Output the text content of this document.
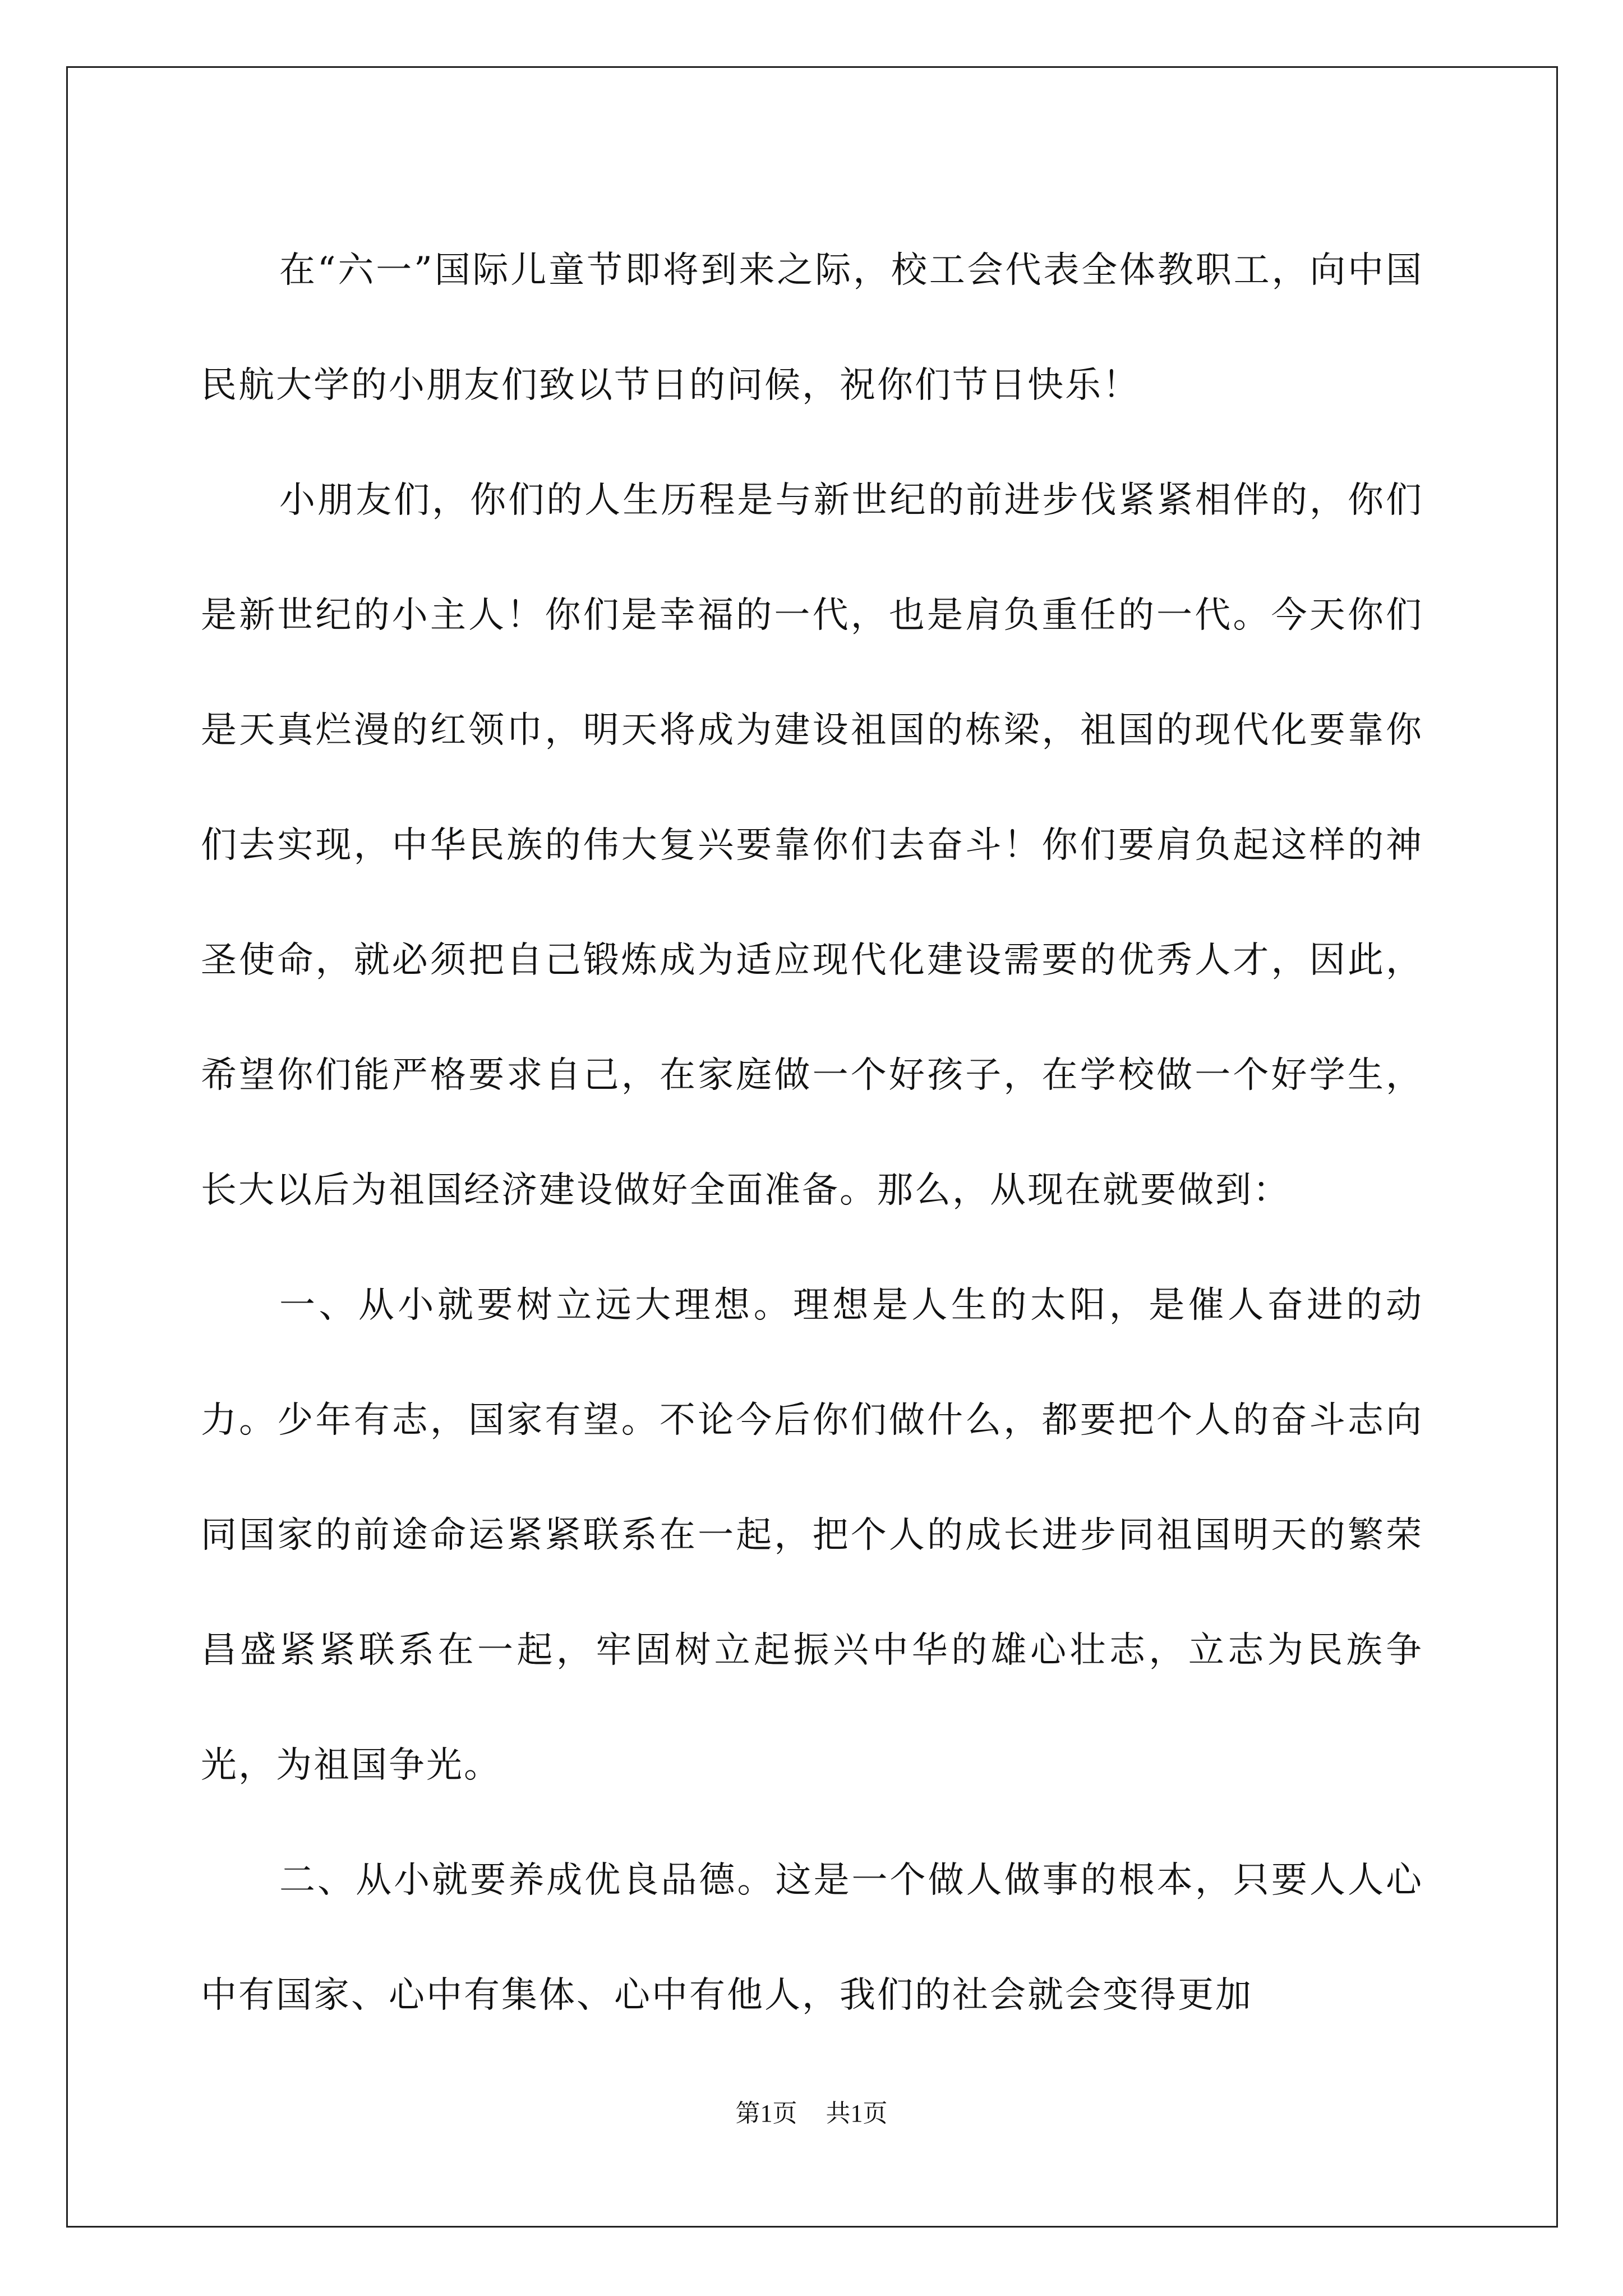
在“六一”国际儿童节即将到来之际，校工会代表全体教职工，向中国民航大学的小朋友们致以节日的问候，祝你们节日快乐！

小朋友们，你们的人生历程是与新世纪的前进步伐紧紧相伴的，你们是新世纪的小主人！你们是幸福的一代，也是肩负重任的一代。今天你们是天真烂漫的红领巾，明天将成为建设祖国的栋梁，祖国的现代化要靠你们去实现，中华民族的伟大复兴要靠你们去奋斗！你们要肩负起这样的神圣使命，就必须把自己锻炼成为适应现代化建设需要的优秀人才，因此，希望你们能严格要求自己，在家庭做一个好孩子，在学校做一个好学生，长大以后为祖国经济建设做好全面准备。那么，从现在就要做到：

一、从小就要树立远大理想。理想是人生的太阳，是催人奋进的动力。少年有志，国家有望。不论今后你们做什么，都要把个人的奋斗志向同国家的前途命运紧紧联系在一起，把个人的成长进步同祖国明天的繁荣昌盛紧紧联系在一起，牢固树立起振兴中华的雄心壮志，立志为民族争光，为祖国争光。

二、从小就要养成优良品德。这是一个做人做事的根本，只要人人心中有国家、心中有集体、心中有他人，我们的社会就会变得更加

第1页 共1页
